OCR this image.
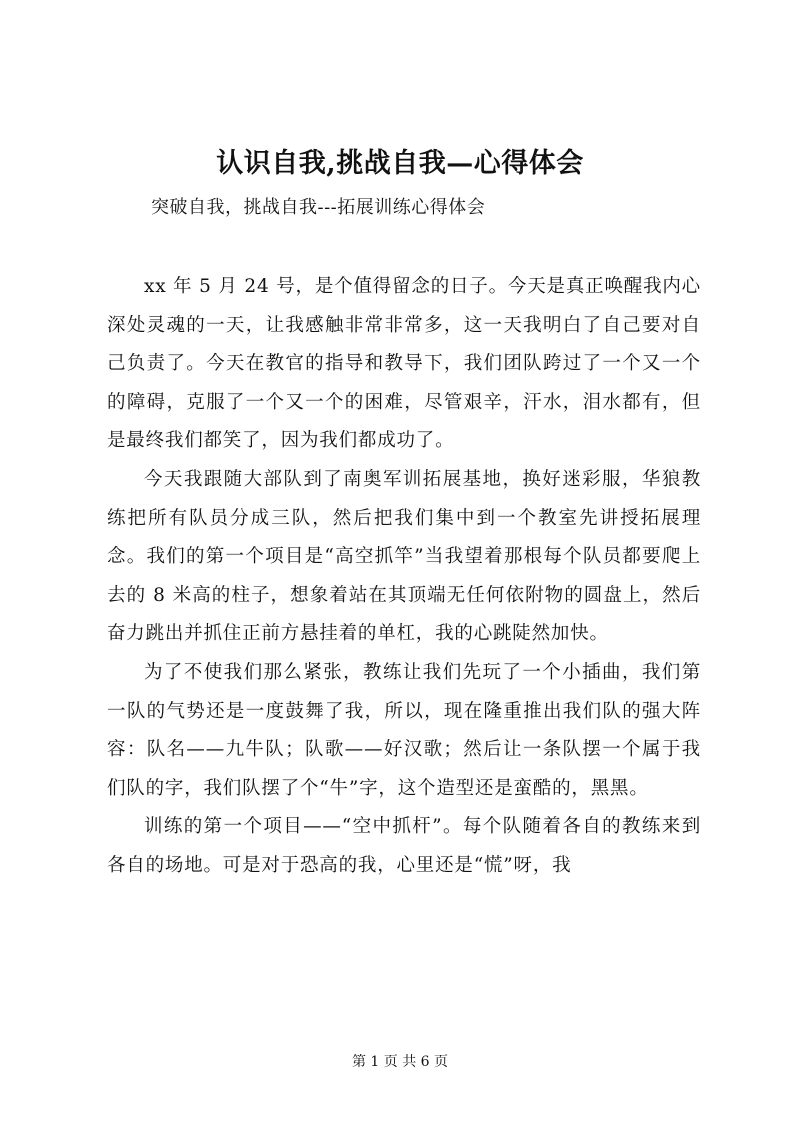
认识自我,挑战自我—心得体会
突破自我，挑战自我---拓展训练心得体会

xx 年 5 月 24 号，是个值得留念的日子。今天是真正唤醒我内心深处灵魂的一天，让我感触非常非常多，这一天我明白了自己要对自己负责了。今天在教官的指导和教导下，我们团队跨过了一个又一个的障碍，克服了一个又一个的困难，尽管艰辛，汗水，泪水都有，但是最终我们都笑了，因为我们都成功了。

今天我跟随大部队到了南奥军训拓展基地，换好迷彩服，华狼教练把所有队员分成三队，然后把我们集中到一个教室先讲授拓展理念。我们的第一个项目是“高空抓竿”当我望着那根每个队员都要爬上去的 8 米高的柱子，想象着站在其顶端无任何依附物的圆盘上，然后奋力跳出并抓住正前方悬挂着的单杠，我的心跳陡然加快。

为了不使我们那么紧张，教练让我们先玩了一个小插曲，我们第一队的气势还是一度鼓舞了我，所以，现在隆重推出我们队的强大阵容：队名——九牛队；队歌——好汉歌；然后让一条队摆一个属于我们队的字，我们队摆了个“牛”字，这个造型还是蛮酷的，黑黑。

训练的第一个项目——“空中抓杆”。每个队随着各自的教练来到各自的场地。可是对于恐高的我，心里还是“慌”呀，我

第 1 页 共 6 页
